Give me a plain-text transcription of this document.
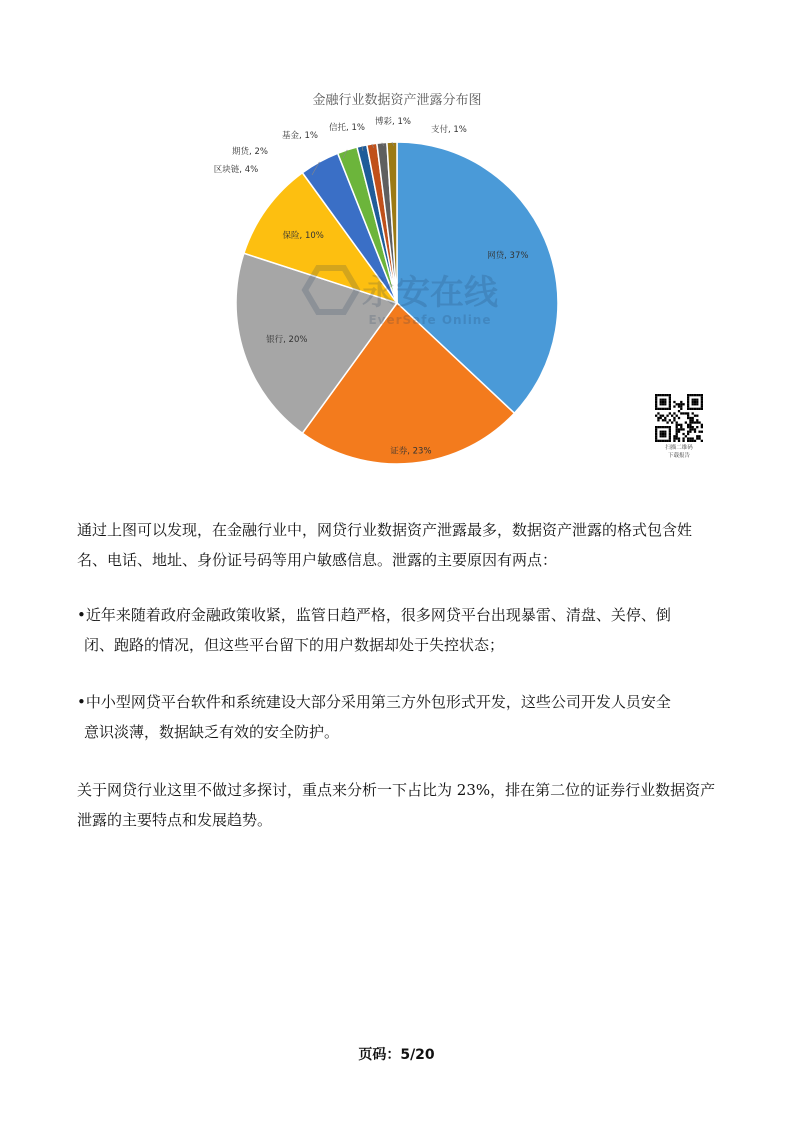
金融行业数据资产泄露分布图
永安在线
EverSafe Online
网贷, 37%
证券, 23%
银行, 20%
保险, 10%
区块链, 4%
期货, 2%
基金, 1%
信托, 1%
博彩, 1%
支付, 1%
扫描二维码
下载报告

通过上图可以发现，在金融行业中，网贷行业数据资产泄露最多，数据资产泄露的格式包含姓名、电话、地址、身份证号码等用户敏感信息。泄露的主要原因有两点：

•近年来随着政府金融政策收紧，监管日趋严格，很多网贷平台出现暴雷、清盘、关停、倒
闭、跑路的情况，但这些平台留下的用户数据却处于失控状态；
•中小型网贷平台软件和系统建设大部分采用第三方外包形式开发，这些公司开发人员安全
意识淡薄，数据缺乏有效的安全防护。

关于网贷行业这里不做过多探讨，重点来分析一下占比为 23%，排在第二位的证券行业数据资产泄露的主要特点和发展趋势。

页码：5/20
